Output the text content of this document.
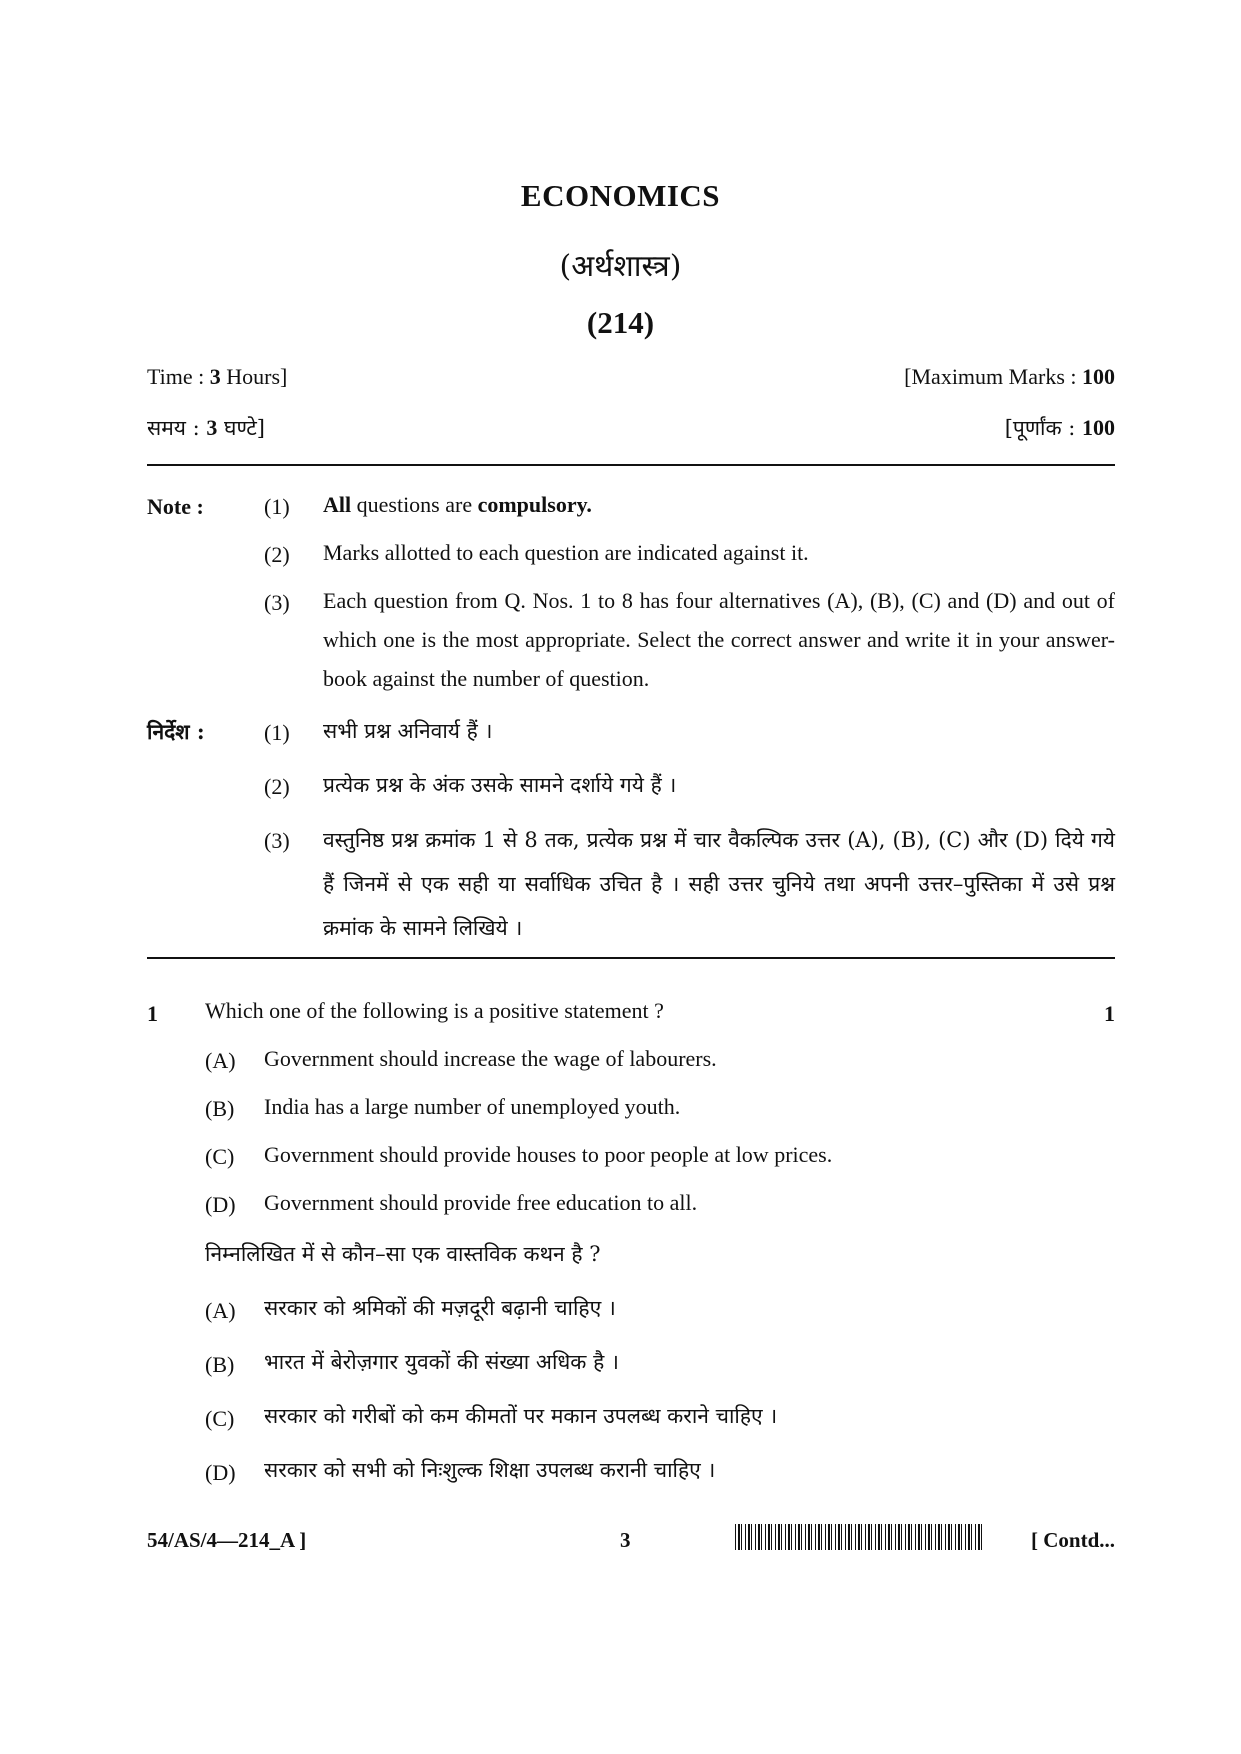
ECONOMICS
(अर्थशास्त्र)
(214)
Time : 3 Hours]	[Maximum Marks : 100
समय : 3 घण्टे]	[पूर्णांक : 100
Note :	(1) All questions are compulsory.
(2) Marks allotted to each question are indicated against it.
(3) Each question from Q. Nos. 1 to 8 has four alternatives (A), (B), (C) and (D) and out of which one is the most appropriate. Select the correct answer and write it in your answer-book against the number of question.
निर्देश :	(1) सभी प्रश्न अनिवार्य हैं ।
(2) प्रत्येक प्रश्न के अंक उसके सामने दर्शाये गये हैं ।
(3) वस्तुनिष्ठ प्रश्न क्रमांक 1 से 8 तक, प्रत्येक प्रश्न में चार वैकल्पिक उत्तर (A), (B), (C) और (D) दिये गये हैं जिनमें से एक सही या सर्वाधिक उचित है । सही उत्तर चुनिये तथा अपनी उत्तर–पुस्तिका में उसे प्रश्न क्रमांक के सामने लिखिये ।
1 Which one of the following is a positive statement ?	1
(A) Government should increase the wage of labourers.
(B) India has a large number of unemployed youth.
(C) Government should provide houses to poor people at low prices.
(D) Government should provide free education to all.
निम्नलिखित में से कौन–सा एक वास्तविक कथन है ?
(A) सरकार को श्रमिकों की मज़दूरी बढ़ानी चाहिए ।
(B) भारत में बेरोज़गार युवकों की संख्या अधिक है ।
(C) सरकार को गरीबों को कम कीमतों पर मकान उपलब्ध कराने चाहिए ।
(D) सरकार को सभी को निःशुल्क शिक्षा उपलब्ध करानी चाहिए ।
54/AS/4—214_A ]	3	[ Contd...
